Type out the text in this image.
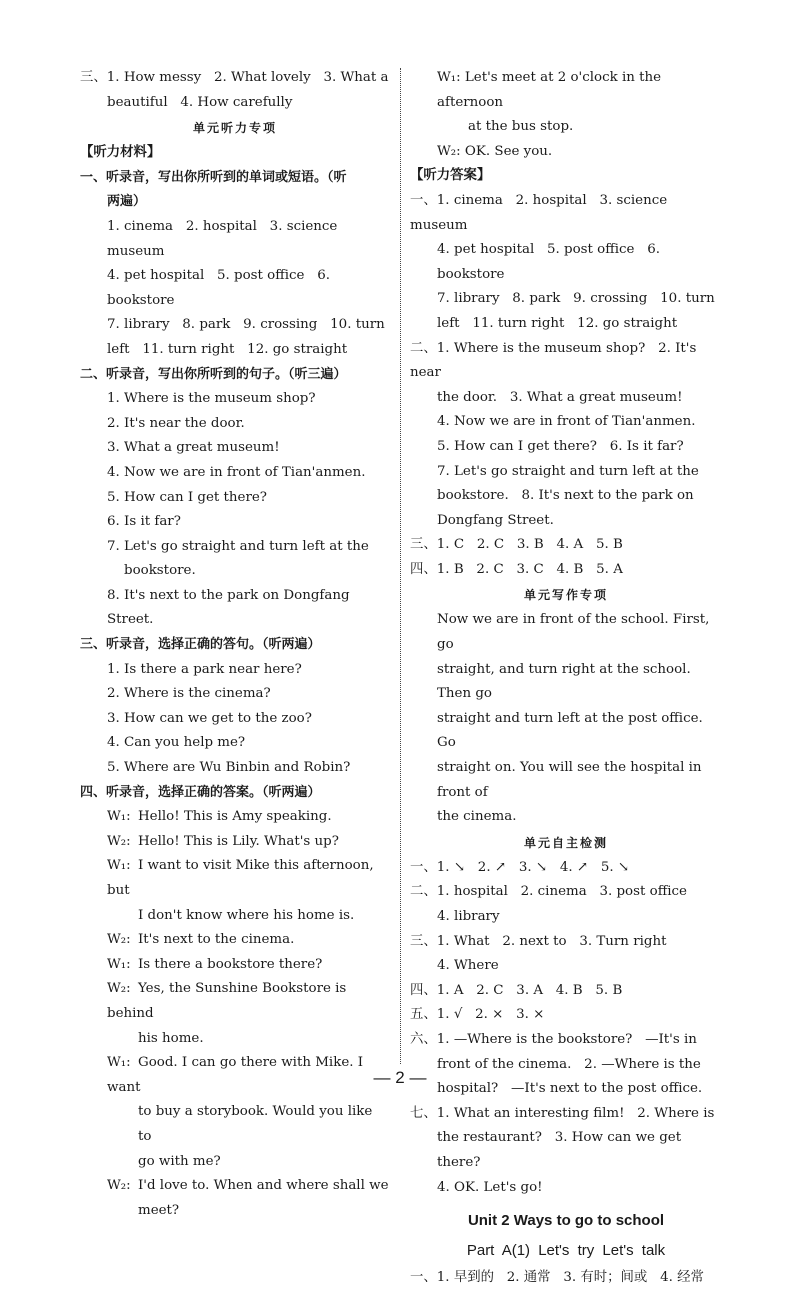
三、1. How messy   2. What lovely   3. What a
beautiful   4. How carefully
单元听力专项
【听力材料】
一、听录音，写出你所听到的单词或短语。（听
两遍）
1. cinema   2. hospital   3. science museum
4. pet hospital   5. post office   6. bookstore
7. library   8. park   9. crossing   10. turn
left   11. turn right   12. go straight
二、听录音，写出你所听到的句子。（听三遍）
1. Where is the museum shop?
2. It's near the door.
3. What a great museum!
4. Now we are in front of Tian'anmen.
5. How can I get there?
6. Is it far?
7. Let's go straight and turn left at the
bookstore.
8. It's next to the park on Dongfang Street.
三、听录音，选择正确的答句。（听两遍）
1. Is there a park near here?
2. Where is the cinema?
3. How can we get to the zoo?
4. Can you help me?
5. Where are Wu Binbin and Robin?
四、听录音，选择正确的答案。（听两遍）
W₁: Hello! This is Amy speaking.
W₂: Hello! This is Lily. What's up?
W₁: I want to visit Mike this afternoon, but
I don't know where his home is.
W₂: It's next to the cinema.
W₁: Is there a bookstore there?
W₂: Yes, the Sunshine Bookstore is behind
his home.
W₁: Good. I can go there with Mike. I want
to buy a storybook. Would you like to
go with me?
W₂: I'd love to. When and where shall we
meet?
W₁: Let's meet at 2 o'clock in the afternoon
at the bus stop.
W₂: OK. See you.
【听力答案】
一、1. cinema   2. hospital   3. science museum
4. pet hospital   5. post office   6. bookstore
7. library   8. park   9. crossing   10. turn
left   11. turn right   12. go straight
二、1. Where is the museum shop?   2. It's near
the door.   3. What a great museum!
4. Now we are in front of Tian'anmen.
5. How can I get there?   6. Is it far?
7. Let's go straight and turn left at the
bookstore.   8. It's next to the park on
Dongfang Street.
三、1. C   2. C   3. B   4. A   5. B
四、1. B   2. C   3. C   4. B   5. A
单元写作专项
Now we are in front of the school. First, go
straight, and turn right at the school. Then go
straight and turn left at the post office. Go
straight on. You will see the hospital in front of
the cinema.
单元自主检测
一、1. ↘   2. ↗   3. ↘   4. ↗   5. ↘
二、1. hospital   2. cinema   3. post office
4. library
三、1. What   2. next to   3. Turn right
4. Where
四、1. A   2. C   3. A   4. B   5. B
五、1. √   2. ×   3. ×
六、1. —Where is the bookstore?   —It's in
front of the cinema.   2. —Where is the
hospital?   —It's next to the post office.
七、1. What an interesting film!   2. Where is
the restaurant?   3. How can we get there?
4. OK. Let's go!
Unit 2 Ways to go to school
Part A(1) Let's try Let's talk
一、1. 早到的   2. 通常   3. 有时；间或   4. 经常
— 2 —
